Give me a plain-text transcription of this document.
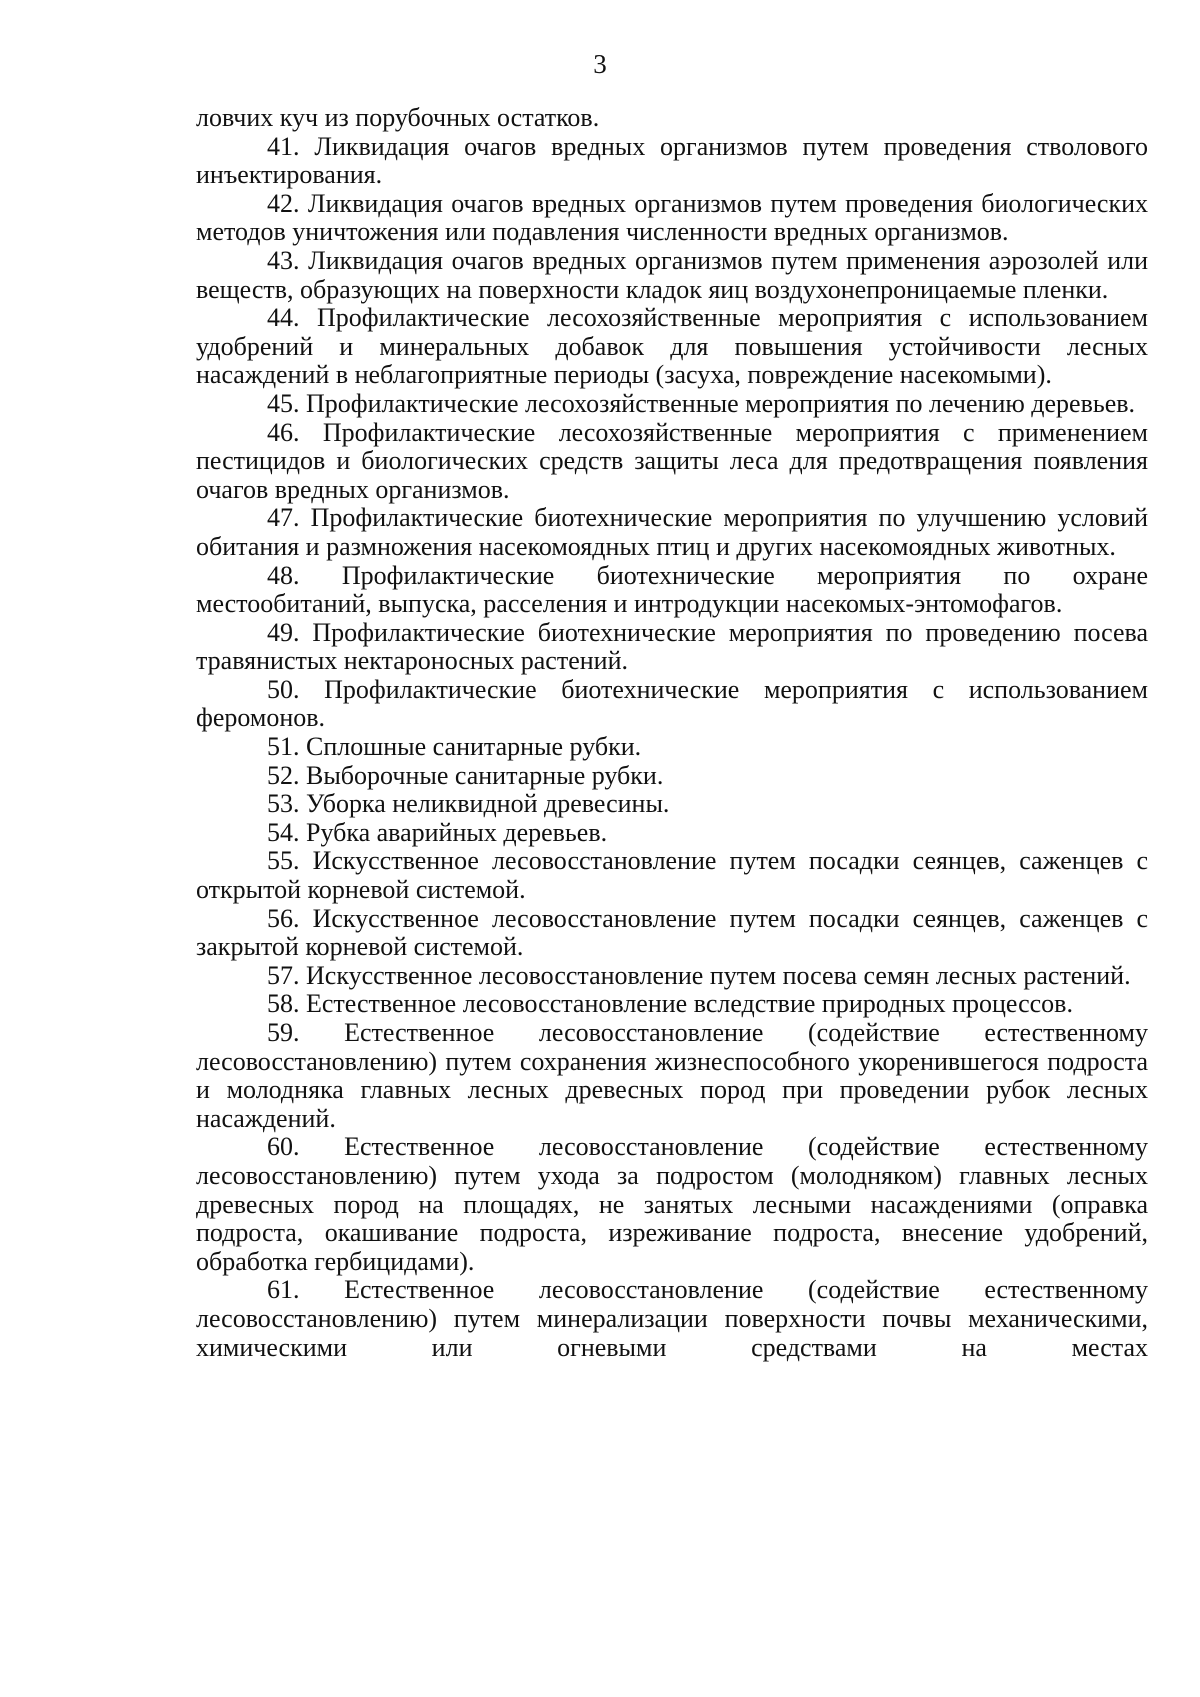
3

ловчих куч из порубочных остатков.

41. Ликвидация очагов вредных организмов путем проведения стволового инъектирования.

42. Ликвидация очагов вредных организмов путем проведения биологических методов уничтожения или подавления численности вредных организмов.

43. Ликвидация очагов вредных организмов путем применения аэрозолей или веществ, образующих на поверхности кладок яиц воздухонепроницаемые пленки.

44. Профилактические лесохозяйственные мероприятия с использованием удобрений и минеральных добавок для повышения устойчивости лесных насаждений в неблагоприятные периоды (засуха, повреждение насекомыми).

45. Профилактические лесохозяйственные мероприятия по лечению деревьев.

46. Профилактические лесохозяйственные мероприятия с применением пестицидов и биологических средств защиты леса для предотвращения появления очагов вредных организмов.

47. Профилактические биотехнические мероприятия по улучшению условий обитания и размножения насекомоядных птиц и других насекомоядных животных.

48. Профилактические биотехнические мероприятия по охране местообитаний, выпуска, расселения и интродукции насекомых-энтомофагов.

49. Профилактические биотехнические мероприятия по проведению посева травянистых нектароносных растений.

50. Профилактические биотехнические мероприятия с использованием феромонов.

51. Сплошные санитарные рубки.

52. Выборочные санитарные рубки.

53. Уборка неликвидной древесины.

54. Рубка аварийных деревьев.

55. Искусственное лесовосстановление путем посадки сеянцев, саженцев с открытой корневой системой.

56. Искусственное лесовосстановление путем посадки сеянцев, саженцев с закрытой корневой системой.

57. Искусственное лесовосстановление путем посева семян лесных растений.

58. Естественное лесовосстановление вследствие природных процессов.

59. Естественное лесовосстановление (содействие естественному лесовосстановлению) путем сохранения жизнеспособного укоренившегося подроста и молодняка главных лесных древесных пород при проведении рубок лесных насаждений.

60. Естественное лесовосстановление (содействие естественному лесовосстановлению) путем ухода за подростом (молодняком) главных лесных древесных пород на площадях, не занятых лесными насаждениями (оправка подроста, окашивание подроста, изреживание подроста, внесение удобрений, обработка гербицидами).

61. Естественное лесовосстановление (содействие естественному лесовосстановлению) путем минерализации поверхности почвы механическими, химическими или огневыми средствами на местах
